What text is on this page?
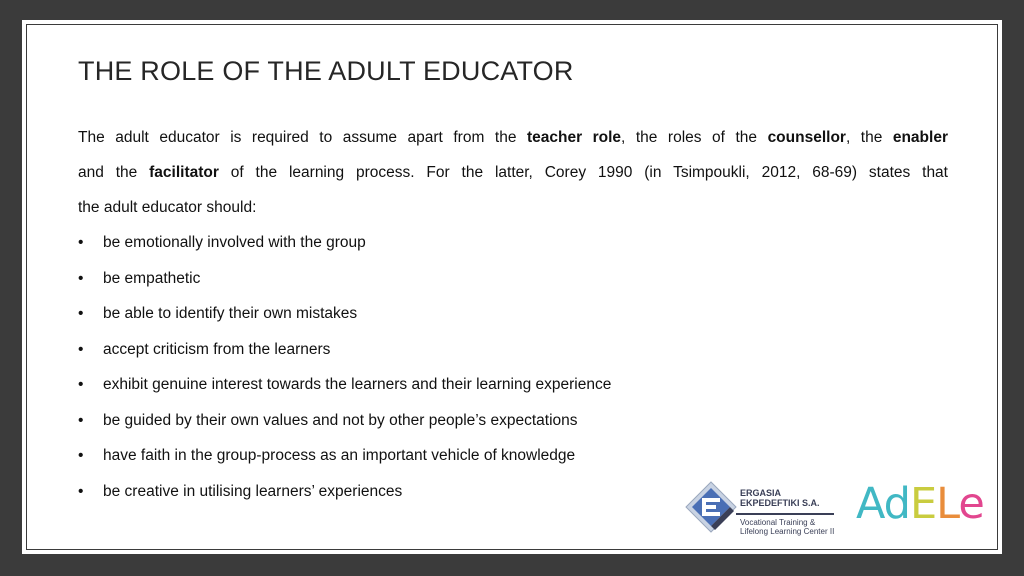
THE ROLE OF THE ADULT EDUCATOR
The adult educator is required to assume apart from the teacher role, the roles of the counsellor, the enabler
and the facilitator of the learning process. For the latter, Corey 1990 (in Tsimpoukli, 2012, 68-69) states that
the adult educator should:
• be emotionally involved with the group
• be empathetic
• be able to identify their own mistakes
• accept criticism from the learners
• exhibit genuine interest towards the learners and their learning experience
• be guided by their own values and not by other people’s expectations
• have faith in the group-process as an important vehicle of knowledge
• be creative in utilising learners’ experiences	ERGASIA
EKPEDEFTIKI S.A.
Vocational Training &
Lifelong Learning Center II
AdELe
